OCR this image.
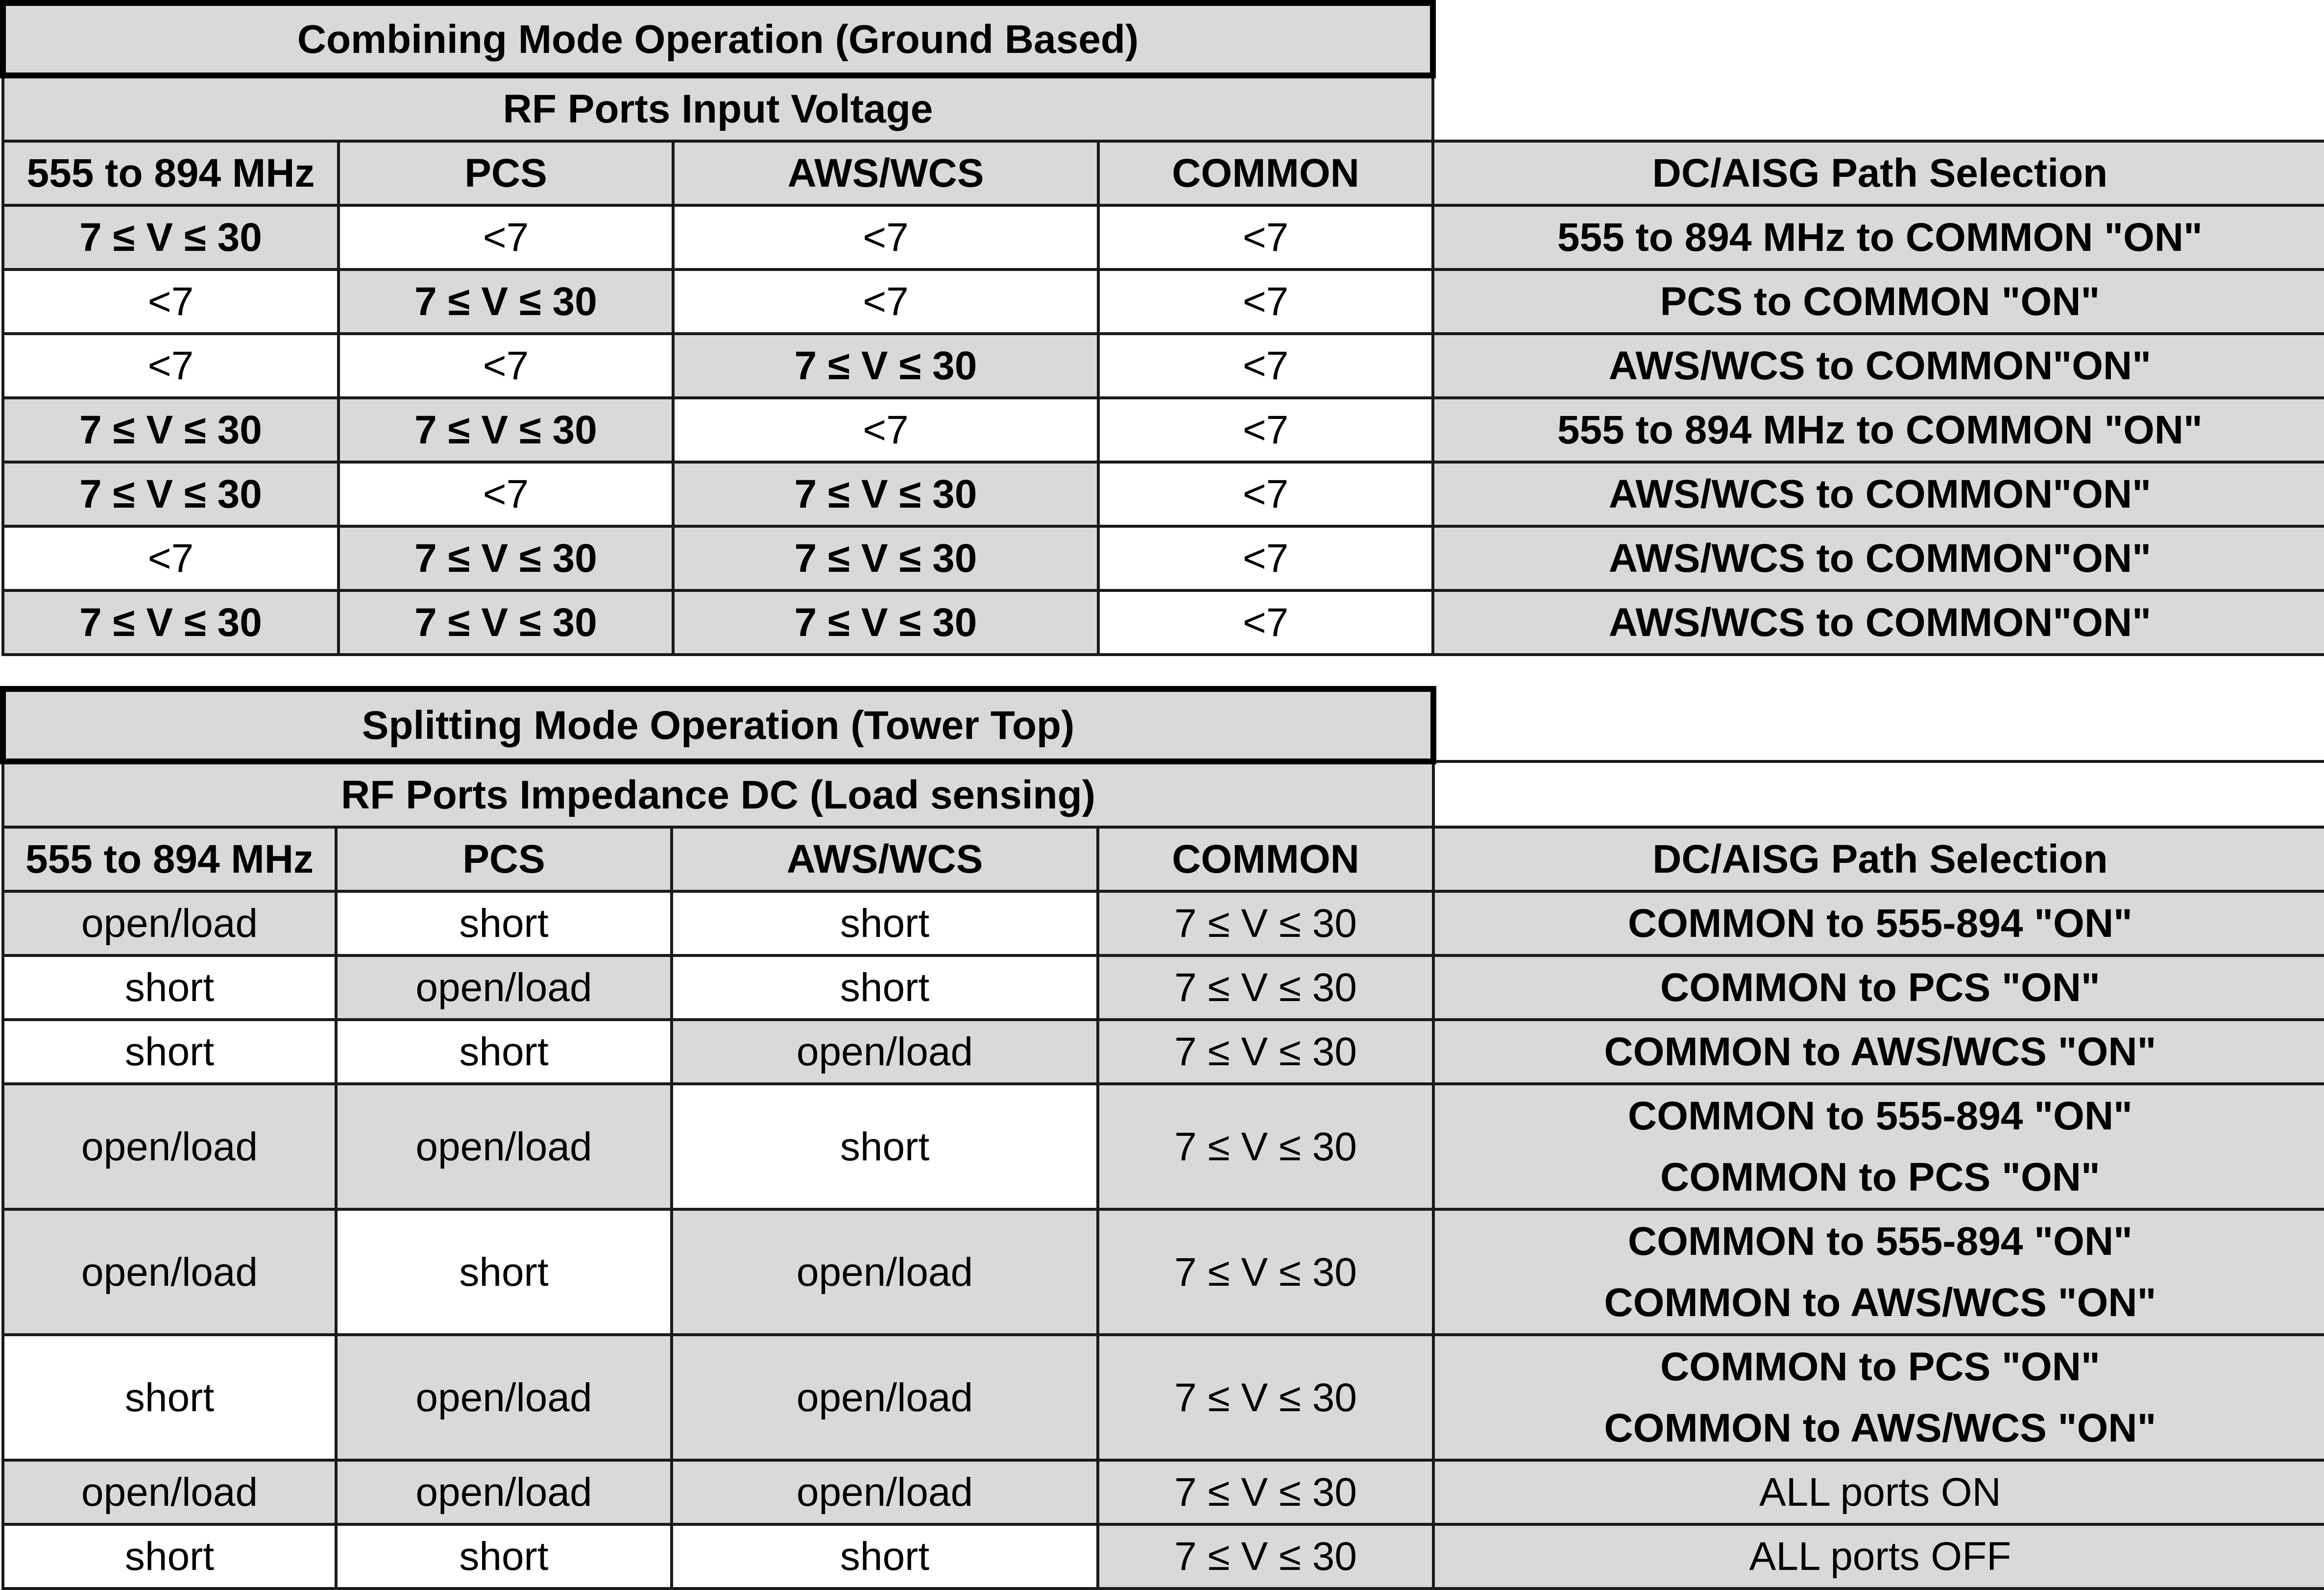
Combining Mode Operation (Ground Based)				
RF Ports Input Voltage				
555 to 894 MHz	PCS	AWS/WCS	COMMON	DC/AISG Path Selection
7 ≤ V ≤ 30	<7	<7	<7	555 to 894 MHz to COMMON "ON"
<7	7 ≤ V ≤ 30	<7	<7	PCS to COMMON "ON"
<7	<7	7 ≤ V ≤ 30	<7	AWS/WCS to COMMON"ON"
7 ≤ V ≤ 30	7 ≤ V ≤ 30	<7	<7	555 to 894 MHz to COMMON "ON"
7 ≤ V ≤ 30	<7	7 ≤ V ≤ 30	<7	AWS/WCS to COMMON"ON"
<7	7 ≤ V ≤ 30	7 ≤ V ≤ 30	<7	AWS/WCS to COMMON"ON"
7 ≤ V ≤ 30	7 ≤ V ≤ 30	7 ≤ V ≤ 30	<7	AWS/WCS to COMMON"ON"
Splitting Mode Operation (Tower Top)				
RF Ports Impedance DC (Load sensing)				
555 to 894 MHz	PCS	AWS/WCS	COMMON	DC/AISG Path Selection
open/load	short	short	7 ≤ V ≤ 30	COMMON to 555-894 "ON"
short	open/load	short	7 ≤ V ≤ 30	COMMON to PCS "ON"
short	short	open/load	7 ≤ V ≤ 30	COMMON to AWS/WCS "ON"
open/load	open/load	short	7 ≤ V ≤ 30	COMMON to 555-894 "ON"
COMMON to PCS "ON"

open/load	short	open/load	7 ≤ V ≤ 30	COMMON to 555-894 "ON"
COMMON to AWS/WCS "ON"

short	open/load	open/load	7 ≤ V ≤ 30	COMMON to PCS "ON"
COMMON to AWS/WCS "ON"

open/load	open/load	open/load	7 ≤ V ≤ 30	ALL ports ON
short	short	short	7 ≤ V ≤ 30	ALL ports OFF
